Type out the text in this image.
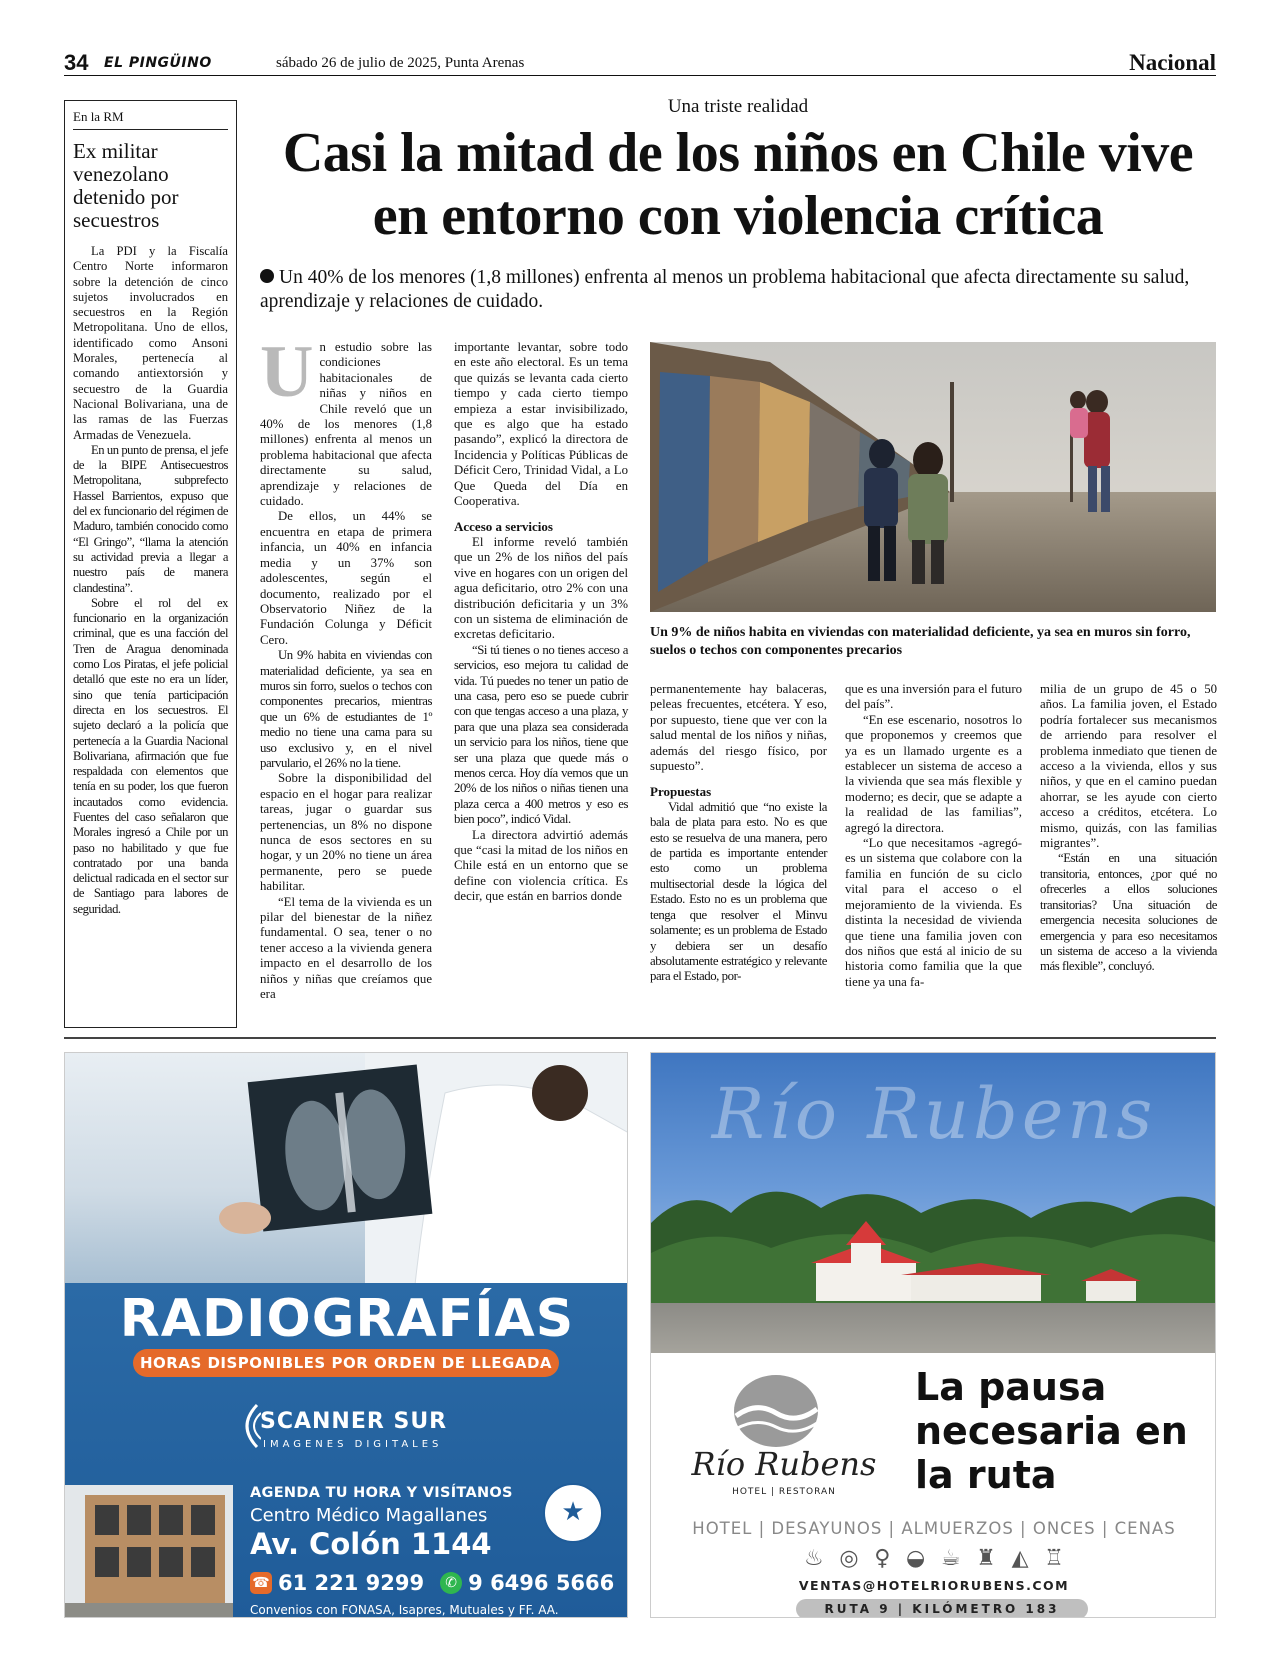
34 EL PINGÜINO	sábado 26 de julio de 2025, Punta Arenas	Nacional
En la RM
Ex militar venezolano detenido por secuestros

La PDI y la Fiscalía Centro Norte informaron sobre la detención de cinco sujetos involucrados en secuestros en la Región Metropolitana. Uno de ellos, identificado como Ansoni Morales, pertenecía al comando antiextorsión y secuestro de la Guardia Nacional Bolivariana, una de las ramas de las Fuerzas Armadas de Venezuela.

En un punto de prensa, el jefe de la BIPE Antisecuestros Metropolitana, subprefecto Hassel Barrientos, expuso que del ex funcionario del régimen de Maduro, también conocido como “El Gringo”, “llama la atención su actividad previa a llegar a nuestro país de manera clandestina”.

Sobre el rol del ex funcionario en la organización criminal, que es una facción del Tren de Aragua denominada como Los Piratas, el jefe policial detalló que este no era un líder, sino que tenía participación directa en los secuestros. El sujeto declaró a la policía que pertenecía a la Guardia Nacional Bolivariana, afirmación que fue respaldada con elementos que tenía en su poder, los que fueron incautados como evidencia. Fuentes del caso señalaron que Morales ingresó a Chile por un paso no habilitado y que fue contratado por una banda delictual radicada en el sector sur de Santiago para labores de seguridad.

Una triste realidad
Casi la mitad de los niños en Chile vive en entorno con violencia crítica
Un 40% de los menores (1,8 millones) enfrenta al menos un problema habitacional que afecta directamente su salud, aprendizaje y relaciones de cuidado.

Un estudio sobre las condiciones habitacionales de niñas y niños en Chile reveló que un 40% de los menores (1,8 millones) enfrenta al menos un problema habitacional que afecta directamente su salud, aprendizaje y relaciones de cuidado.

De ellos, un 44% se encuentra en etapa de primera infancia, un 40% en infancia media y un 37% son adolescentes, según el documento, realizado por el Observatorio Niñez de la Fundación Colunga y Déficit Cero.

Un 9% habita en viviendas con materialidad deficiente, ya sea en muros sin forro, suelos o techos con componentes precarios, mientras que un 6% de estudiantes de 1º medio no tiene una cama para su uso exclusivo y, en el nivel parvulario, el 26% no la tiene.

Sobre la disponibilidad del espacio en el hogar para realizar tareas, jugar o guardar sus pertenencias, un 8% no dispone nunca de esos sectores en su hogar, y un 20% no tiene un área permanente, pero se puede habilitar.

“El tema de la vivienda es un pilar del bienestar de la niñez fundamental. O sea, tener o no tener acceso a la vivienda genera impacto en el desarrollo de los niños y niñas que creíamos que era

importante levantar, sobre todo en este año electoral. Es un tema que quizás se levanta cada cierto tiempo y cada cierto tiempo empieza a estar invisibilizado, que es algo que ha estado pasando”, explicó la directora de Incidencia y Políticas Públicas de Déficit Cero, Trinidad Vidal, a Lo Que Queda del Día en Cooperativa.

Acceso a servicios

El informe reveló también que un 2% de los niños del país vive en hogares con un origen del agua deficitario, otro 2% con una distribución deficitaria y un 3% con un sistema de eliminación de excretas deficitario.

“Si tú tienes o no tienes acceso a servicios, eso mejora tu calidad de vida. Tú puedes no tener un patio de una casa, pero eso se puede cubrir con que tengas acceso a una plaza, y para que una plaza sea considerada un servicio para los niños, tiene que ser una plaza que quede más o menos cerca. Hoy día vemos que un 20% de los niños o niñas tienen una plaza cerca a 400 metros y eso es bien poco”, indicó Vidal.

La directora advirtió además que “casi la mitad de los niños en Chile está en un entorno que se define con violencia crítica. Es decir, que están en barrios donde

Un 9% de niños habita en viviendas con materialidad deficiente, ya sea en muros sin forro, suelos o techos con componentes precarios

permanentemente hay balaceras, peleas frecuentes, etcétera. Y eso, por supuesto, tiene que ver con la salud mental de los niños y niñas, además del riesgo físico, por supuesto”.

Propuestas

Vidal admitió que “no existe la bala de plata para esto. No es que esto se resuelva de una manera, pero de partida es importante entender esto como un problema multisectorial desde la lógica del Estado. Esto no es un problema que tenga que resolver el Minvu solamente; es un problema de Estado y debiera ser un desafío absolutamente estratégico y relevante para el Estado, por-

que es una inversión para el futuro del país”.

“En ese escenario, nosotros lo que proponemos y creemos que ya es un llamado urgente es a establecer un sistema de acceso a la vivienda que sea más flexible y moderno; es decir, que se adapte a la realidad de las familias”, agregó la directora.

“Lo que necesitamos -agregó- es un sistema que colabore con la familia en función de su ciclo vital para el acceso o el mejoramiento de la vivienda. Es distinta la necesidad de vivienda que tiene una familia joven con dos niños que está al inicio de su historia como familia que la que tiene ya una fa-

milia de un grupo de 45 o 50 años. La familia joven, el Estado podría fortalecer sus mecanismos de arriendo para resolver el problema inmediato que tienen de acceso a la vivienda, ellos y sus niños, y que en el camino puedan ahorrar, se les ayude con cierto acceso a créditos, etcétera. Lo mismo, quizás, con las familias migrantes”.

“Están en una situación transitoria, entonces, ¿por qué no ofrecerles a ellos soluciones transitorias? Una situación de emergencia necesita soluciones de emergencia y para eso necesitamos un sistema de acceso a la vivienda más flexible”, concluyó.

RADIOGRAFÍAS
HORAS DISPONIBLES POR ORDEN DE LLEGADA
SCANNER SUR
IMAGENES DIGITALES
AGENDA TU HORA Y VISÍTANOS
Centro Médico Magallanes
Av. Colón 1144
★
☎ 61 221 9299	✆ 9 6496 5666
Convenios con FONASA, Isapres, Mutuales y FF. AA.
Río Rubens
Río Rubens
HOTEL | RESTORAN
La pausa necesaria en la ruta
HOTEL | DESAYUNOS | ALMUERZOS | ONCES | CENAS
♨ ◎ ♀ ◒ ☕ ♜ ◭ ♖
VENTAS@HOTELRIORUBENS.COM
RUTA 9 | KILÓMETRO 183
